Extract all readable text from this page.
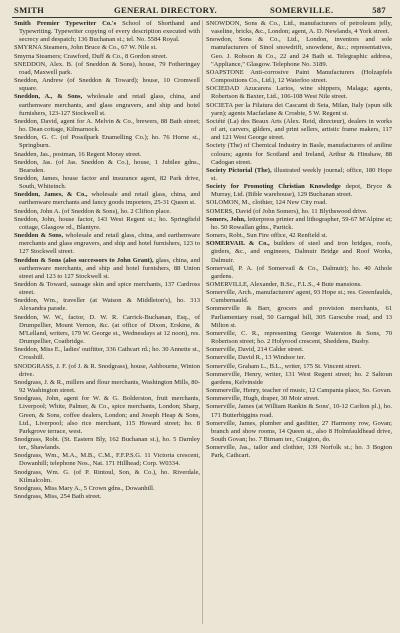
SMITH	GENERAL DIRECTORY.	SOMERVILLE.	587

Smith Premier Typewriter Co.'s School of Shorthand and Typewriting. Typewriter copying of every description executed with secrecy and despatch; 136 Buchanan st.; tel. No. 5584 Royal.

SMYRNA Steamers, John Bruce & Co., 67 W. Nile st.

Smyrna Steamers; Crawford, Duff & Co., 8 Gordon street.

SNEDDON, Alex. B. (of Sneddon & Sons), house, 79 Fotheringay road, Maxwell park.

Sneddon, Andrew (of Sneddon & Toward); house, 10 Cromwell square.

Sneddon, A., & Sons, wholesale and retail glass, china, and earthenware merchants, and glass engravers, and ship and hotel furnishers, 123-127 Stockwell st.

Sneddon, David, agent for A. Melvin & Co., brewers, 88 Bath street; ho. Dean cottage, Kilmarnock.

Sneddon, G. C. (of Possilpark Enamelling Co.); ho. 76 Horne st., Springburn.

Snadden, Jas., postman, 16 Regent Moray street.

Sneddon, Jas. (of Jas. Sneddon & Co.), house, 1 Jubilee gdns., Bearsden.

Sneddon, James, house factor and insurance agent, 82 Park drive, South, Whiteinch.

Sneddon, James, & Co., wholesale and retail glass, china, and earthenware merchants and fancy goods importers, 25-31 Queen st.

Sneddon, John A. (of Sneddon & Sons), ho. 2 Clifton place.

Sneddon, John, house factor, 143 West Regent st.; ho. Springfield cottage, Glasgow rd., Blantyre.

Sneddon & Sons, wholesale and retail glass, china, and earthenware merchants and glass engravers, and ship and hotel furnishers, 123 to 127 Stockwell street.

Sneddon & Sons (also successors to John Grant), glass, china, and earthenware merchants, and ship and hotel furnishers, 88 Union street and 123 to 127 Stockwell st.

Sneddon & Toward, sausage skin and spice merchants, 137 Cardross street.

Sneddon, Wm., traveller (at Watson & Middleton's), ho. 313 Alexandra parade.

Sneddon, W. W., factor, D. W. R. Carrick-Buchanan, Esq., of Drumpellier, Mount Vernon, &c. (at office of Dixon, Erskine, & M'Lelland, writers, 179 W. George st., Wednesdays at 12 noon), res. Drumpellier, Coatbridge.

Sneddon, Miss E., ladies' outfitter, 336 Cathcart rd.; ho. 30 Annette st., Crosshill.

SNODGRASS, J. F. (of J. & R. Snodgrass), house, Ashbourne, Winton drive.

Snodgrass, J. & R., millers and flour merchants, Washington Mills, 80-92 Washington street.

Snodgrass, John, agent for W. & G. Bolderston, fruit merchants, Liverpool; White, Palmer, & Co., spice merchants, London; Sharp, Green, & Sons, coffee dealers, London; and Joseph Heap & Sons, Ltd., Liverpool; also rice merchant, 115 Howard street; ho. 8 Parkgrove terrace, west.

Snodgrass, Robt. (St. Eastern Bly, 162 Buchanan st.), ho. 5 Darnley ter., Shawlands.

Snodgrass, Wm., M.A., M.B., C.M., F.F.P.S.G. 11 Victoria crescent, Dowanhill; telephone Nos., Nat. 171 Hillhead; Corp. W0334.

Snodgrass, Wm. G. (of P. Rintoul, Son, & Co.), ho. Riverdale, Kilmalcolm.

Snodgrass, Miss Mary A., 5 Crown gdns., Dowanhill.

Snodgrass, Miss, 254 Bath street.

SNOWDON, Sons & Co., Ltd., manufacturers of petroleum jelly, vaseline, bricks, &c., London; agent, A. D. Newlands, 4 York street.

Snowdon, Sons & Co., Ltd., London, inventors and sole manufacturers of Sinol snowdrift, snowdene, &c.; representatives, Geo. J. Robson & Co., 22 and 24 Bath st. Telegraphic address, "Appliance," Glasgow. Telephone No. 3189.

SOAPSTONE Anti-corrosive Paint Manufacturers (Holzapfels Compositions Co., Ltd.), 12 Waterloo street.

SOCIEDAD Azucarera Larios, wine shippers, Malaga; agents, Robertson & Baxter, Ltd., 106-108 West Nile street.

SOCIETA per la Filatura dei Cascami di Seta, Milan, Italy (spun silk yarn); agents Macfarlane & Crosbie, 5 W. Regent st.

Société (La) des Beaux Arts (Alex. Reid, directeur), dealers in works of art, carvers, gilders, and print sellers, artistic frame makers, 117 and 121 West George street.

Society (The) of Chemical Industry in Basle, manufacturers of aniline colours; agents for Scotland and Ireland, Arthur & Hinshaw, 88 Cadogan street.

Society Pictorial (The), illustrated weekly journal; office, 180 Hope st.

Society for Promoting Christian Knowledge depot, Bryce & Murray, Ltd. (Bible warehouse), 129 Buchanan street.

SOLOMON, M., clothier, 124 New City road.

SOMERS, David (of John Somers), ho. 11 Blythswood drive.

Somers, John, letterpress printer and lithographer, 59-67 M'Alpine st; ho. 50 Rowallan gdns., Partick.

Somers, Robt., Sun Fire office, 42 Renfield st.

SOMERVAIL & Co., builders of steel and iron bridges, roofs, girders, &c., and engineers, Dalmuir Bridge and Roof Works, Dalmuir.

Somervail, P. A. (of Somervail & Co., Dalmuir); ho. 40 Athole gardens.

SOMERVILLE, Alexander, B.Sc., F.L.S., 4 Bute mansions.

Somerville, Arch., manufacturers' agent, 93 Hope st.; res. Greenfaulds, Cumbernauld.

Sommerville & Barr, grocers and provision merchants, 61 Parliamentary road, 50 Garngad hill, 305 Garscube road, and 13 Milton st.

Somerville, C. R., representing George Waterston & Sons, 70 Robertson street; ho. 2 Holyrood crescent, Sheddens, Busby.

Somerville, David, 214 Calder street.

Somerville, David R., 13 Windsor ter.

Somerville, Graham L., B.L., writer, 175 St. Vincent street.

Sommerville, Henry, writer, 131 West Regent street; ho. 2 Saltoun gardens, Kelvinside

Sommerville, Henry, teacher of music, 12 Campania place, So. Govan.

Sommerville, Hugh, draper, 30 Moir street.

Somerville, James (at William Rankin & Sons', 10-12 Carlton pl.), ho. 171 Butterbiggins road.

Somerville, James, plumber and gasfitter, 27 Harmony row, Govan; branch and show rooms, 14 Queen st., also 8 Holmfauldhead drive, South Govan; ho. 7 Birnam ter., Craigton, do.

Somerville, Jas., tailor and clothier, 139 Norfolk st.; ho. 3 Bogton Park, Cathcart.
